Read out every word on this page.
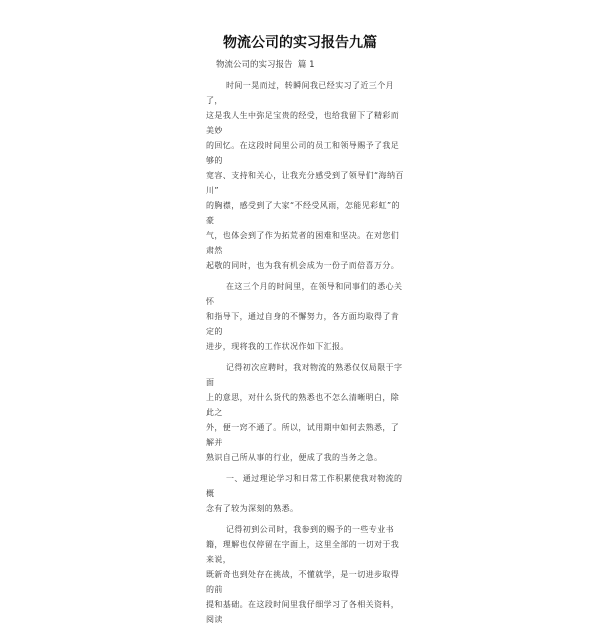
物流公司的实习报告九篇
物流公司的实习报告  篇 1

时间一晃而过，转瞬间我已经实习了近三个月了，
这是我人生中弥足宝贵的经受，也给我留下了精彩而美妙
的回忆。在这段时间里公司的员工和领导赐予了我足够的
宽容、支持和关心，让我充分感受到了领导们“海纳百川”
的胸襟，感受到了大家“不经受风雨，怎能见彩虹”的豪
气，也体会到了作为拓荒者的困难和坚决。在对您们肃然
起敬的同时，也为我有机会成为一份子而倍喜万分。

在这三个月的时间里，在领导和同事们的悉心关怀
和指导下，通过自身的不懈努力，各方面均取得了肯定的
进步，现将我的工作状况作如下汇报。

记得初次应聘时，我对物流的熟悉仅仅局限于字面
上的意思，对什么货代的熟悉也不怎么清晰明白，除此之
外，便一窍不通了。所以，试用期中如何去熟悉，了解并
熟识自己所从事的行业，便成了我的当务之急。

一、通过理论学习和日常工作积累使我对物流的概
念有了较为深刻的熟悉。

记得初到公司时，我参到的赐予的一些专业书
籍，理解也仅停留在字面上，这里全部的一切对于我来说，
既新奇也到处存在挑战，不懂就学，是一切进步取得的前
提和基础。在这段时间里我仔细学习了各相关资料，阅读
